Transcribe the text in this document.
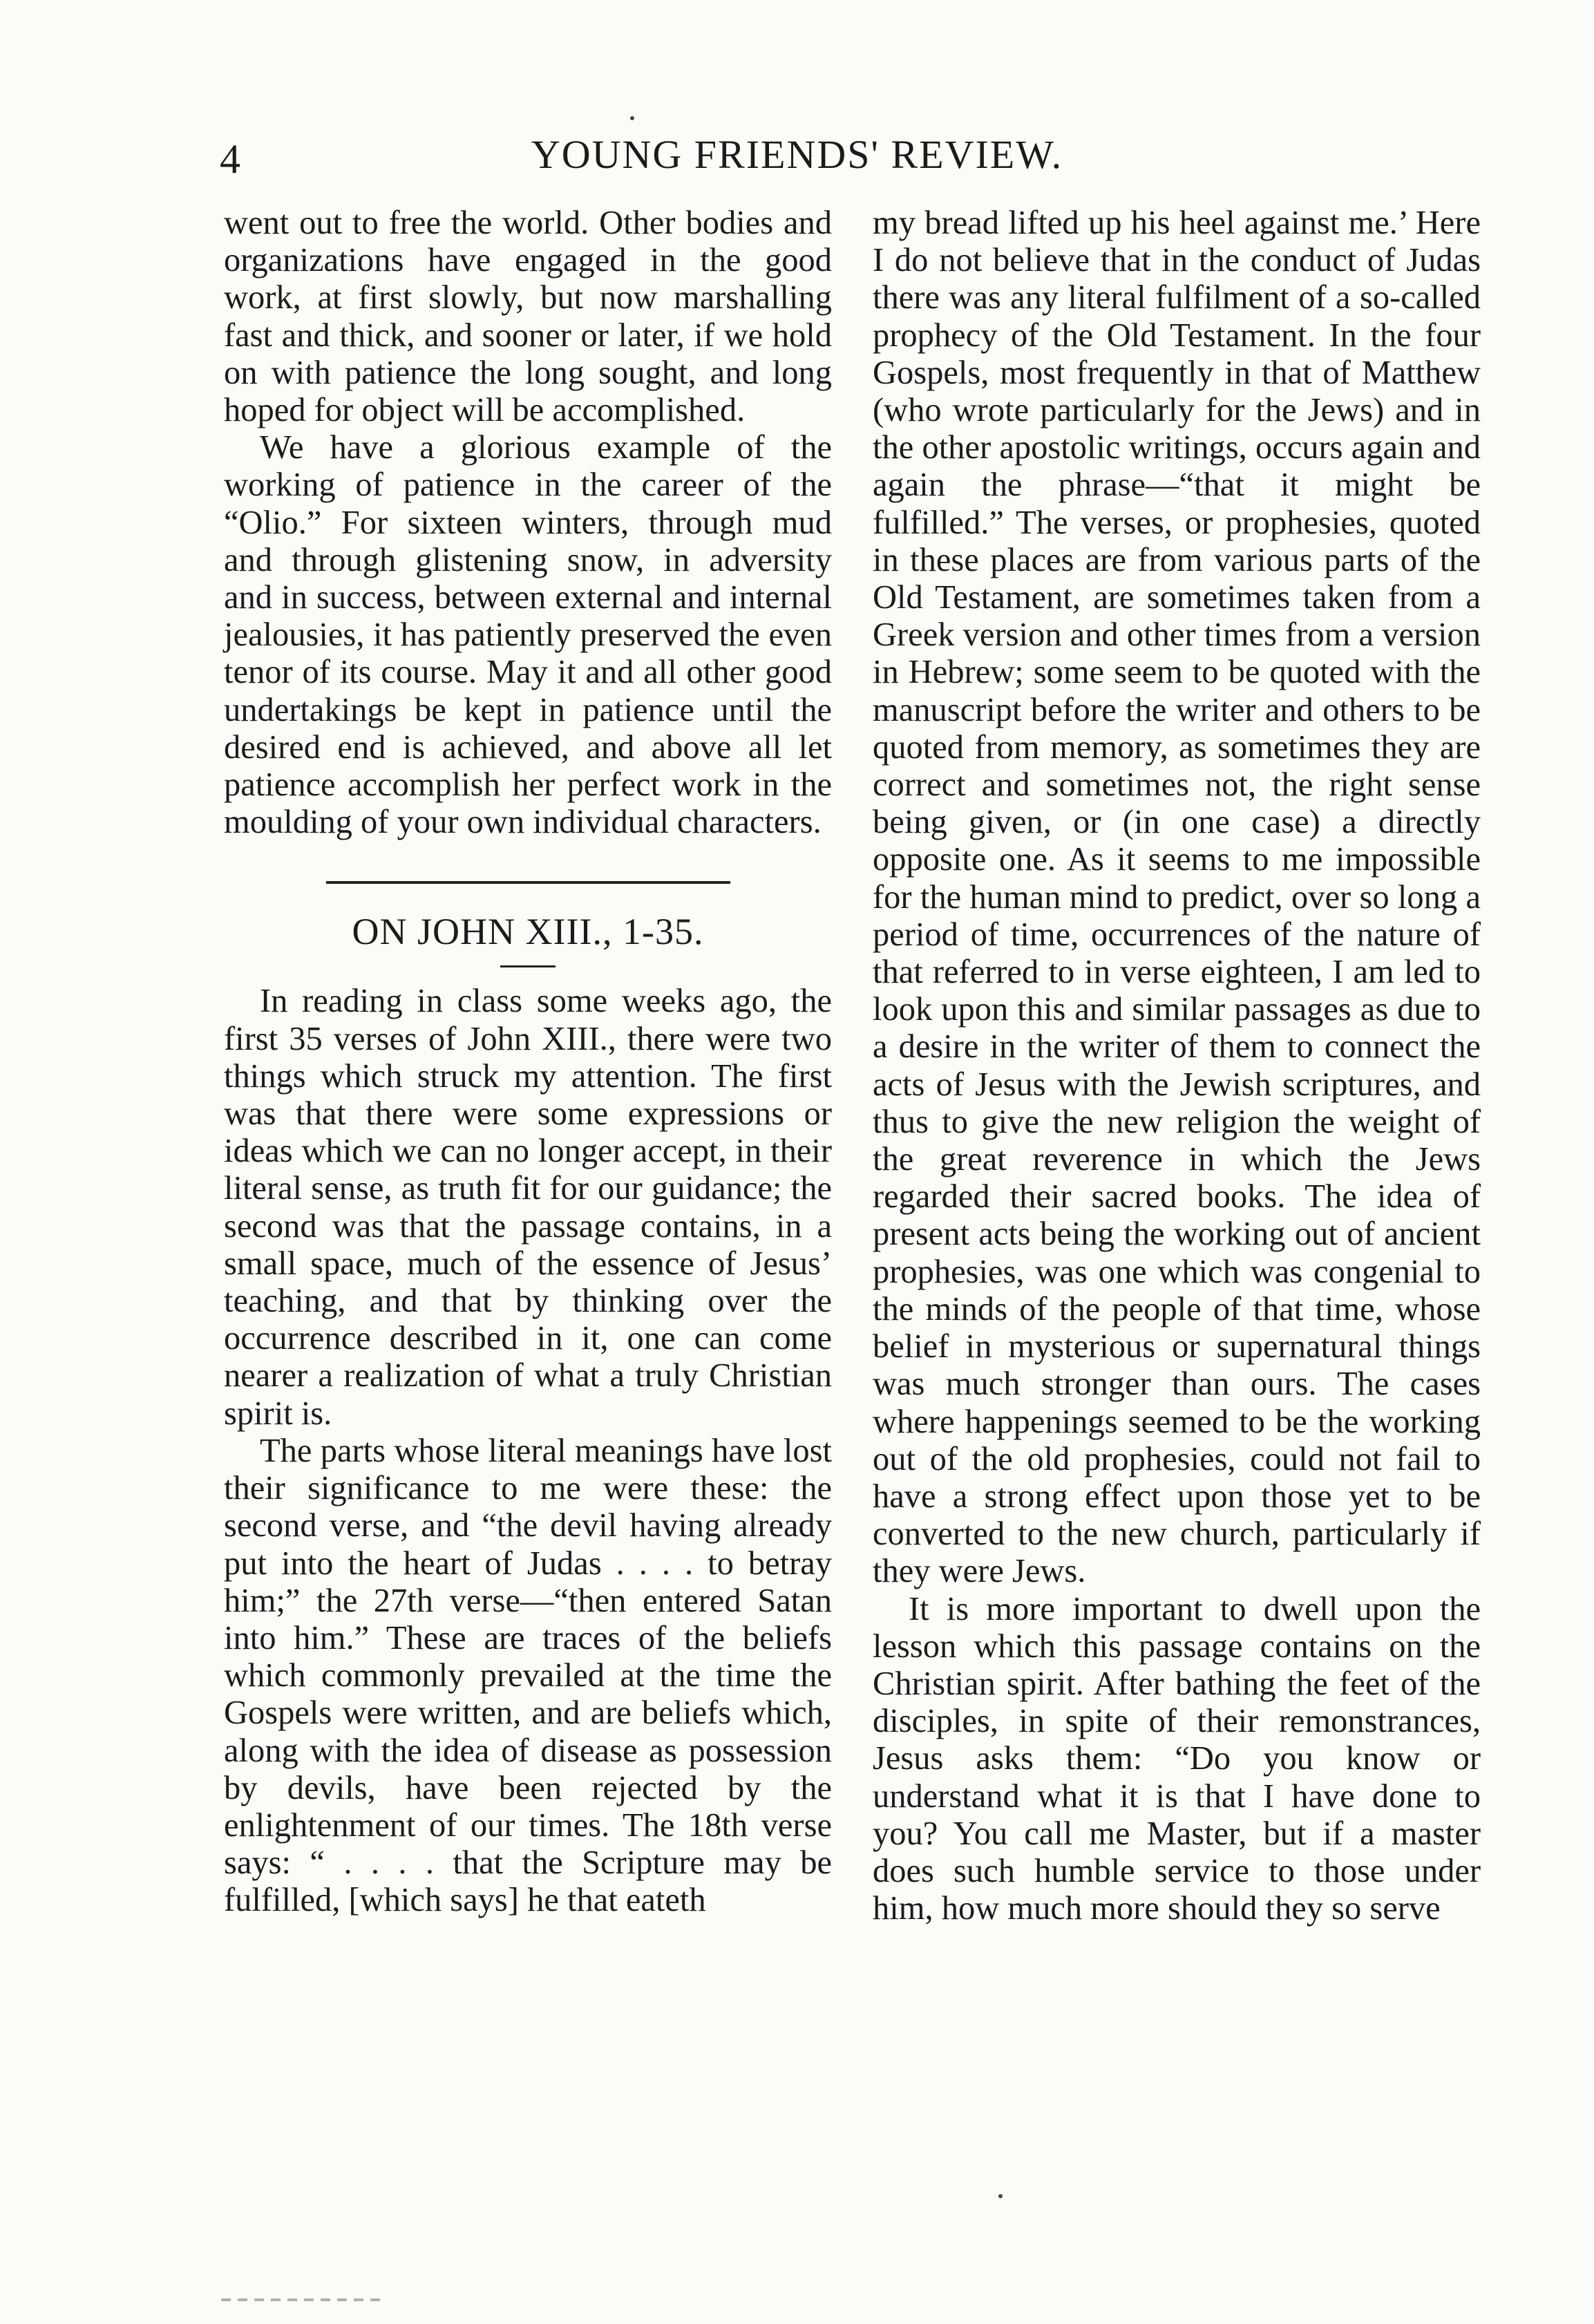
4	YOUNG FRIENDS' REVIEW.

went out to free the world. Other bodies and organizations have engaged in the good work, at first slowly, but now marshalling fast and thick, and sooner or later, if we hold on with patience the long sought, and long hoped for object will be accomplished.

We have a glorious example of the working of patience in the career of the “Olio.” For sixteen winters, through mud and through glistening snow, in adversity and in success, between external and internal jealousies, it has patiently preserved the even tenor of its course. May it and all other good undertakings be kept in patience until the desired end is achieved, and above all let patience accomplish her perfect work in the moulding of your own individual characters.

ON JOHN XIII., 1-35.

In reading in class some weeks ago, the first 35 verses of John XIII., there were two things which struck my attention. The first was that there were some expressions or ideas which we can no longer accept, in their literal sense, as truth fit for our guidance; the second was that the passage contains, in a small space, much of the essence of Jesus’ teaching, and that by thinking over the occurrence described in it, one can come nearer a realization of what a truly Christian spirit is.

The parts whose literal meanings have lost their significance to me were these: the second verse, and “the devil having already put into the heart of Judas . . . . to betray him;” the 27th verse—“then entered Satan into him.” These are traces of the beliefs which commonly prevailed at the time the Gospels were written, and are beliefs which, along with the idea of disease as possession by devils, have been rejected by the enlightenment of our times. The 18th verse says: “ . . . . that the Scripture may be fulfilled, [which says] he that eateth

my bread lifted up his heel against me.’ Here I do not believe that in the conduct of Judas there was any literal fulfilment of a so-called prophecy of the Old Testament. In the four Gospels, most frequently in that of Matthew (who wrote particularly for the Jews) and in the other apostolic writings, occurs again and again the phrase—“that it might be fulfilled.” The verses, or prophesies, quoted in these places are from various parts of the Old Testament, are sometimes taken from a Greek version and other times from a version in Hebrew; some seem to be quoted with the manuscript before the writer and others to be quoted from memory, as sometimes they are correct and sometimes not, the right sense being given, or (in one case) a directly opposite one. As it seems to me impossible for the human mind to predict, over so long a period of time, occurrences of the nature of that referred to in verse eighteen, I am led to look upon this and similar passages as due to a desire in the writer of them to connect the acts of Jesus with the Jewish scriptures, and thus to give the new religion the weight of the great reverence in which the Jews regarded their sacred books. The idea of present acts being the working out of ancient prophesies, was one which was congenial to the minds of the people of that time, whose belief in mysterious or supernatural things was much stronger than ours. The cases where happenings seemed to be the working out of the old prophesies, could not fail to have a strong effect upon those yet to be converted to the new church, particularly if they were Jews.

It is more important to dwell upon the lesson which this passage contains on the Christian spirit. After bathing the feet of the disciples, in spite of their remonstrances, Jesus asks them: “Do you know or understand what it is that I have done to you? You call me Master, but if a master does such humble service to those under him, how much more should they so serve
